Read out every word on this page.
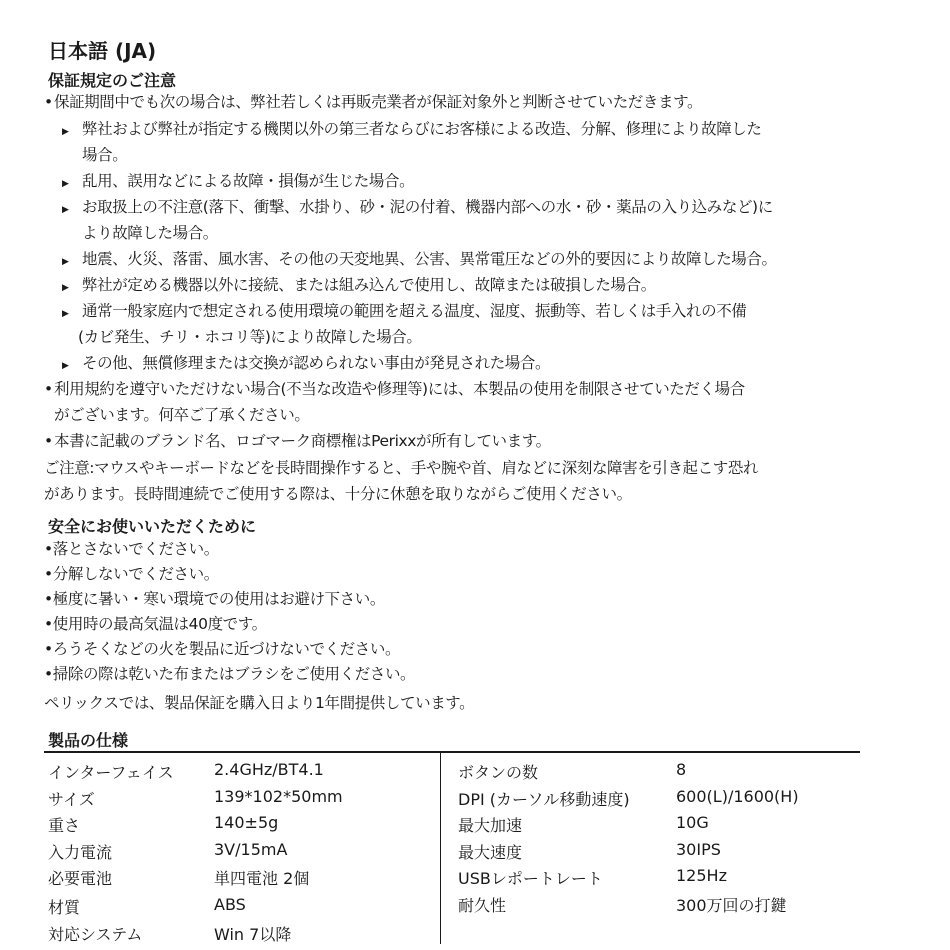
日本語 (JA)
保証規定のご注意
•保証期間中でも次の場合は、弊社若しくは再販売業者が保証対象外と判断させていただきます。
▶ 弊社および弊社が指定する機関以外の第三者ならびにお客様による改造、分解、修理により故障した
場合。
▶ 乱用、誤用などによる故障・損傷が生じた場合。
▶ お取扱上の不注意(落下、衝撃、水掛り、砂・泥の付着、機器内部への水・砂・薬品の入り込みなど)に
より故障した場合。
▶ 地震、火災、落雷、風水害、その他の天変地異、公害、異常電圧などの外的要因により故障した場合。
▶ 弊社が定める機器以外に接続、または組み込んで使用し、故障または破損した場合。
▶ 通常一般家庭内で想定される使用環境の範囲を超える温度、湿度、振動等、若しくは手入れの不備
(カビ発生、チリ・ホコリ等)により故障した場合。
▶ その他、無償修理または交換が認められない事由が発見された場合。
•利用規約を遵守いただけない場合(不当な改造や修理等)には、本製品の使用を制限させていただく場合
がございます。何卒ご了承ください。
•本書に記載のブランド名、ロゴマーク商標権はPerixxが所有しています。
ご注意:マウスやキーボードなどを長時間操作すると、手や腕や首、肩などに深刻な障害を引き起こす恐れ
があります。長時間連続でご使用する際は、十分に休憩を取りながらご使用ください。
安全にお使いいただくために
•落とさないでください。
•分解しないでください。
•極度に暑い・寒い環境での使用はお避け下さい。
•使用時の最高気温は40度です。
•ろうそくなどの火を製品に近づけないでください。
•掃除の際は乾いた布またはブラシをご使用ください。
ペリックスでは、製品保証を購入日より1年間提供しています。
製品の仕様
インターフェイス	2.4GHz/BT4.1
サイズ	139*102*50mm
重さ	140±5g
入力電流	3V/15mA
必要電池	単四電池 2個
材質	ABS
対応システム	Win 7以降
ボタンの数	8
DPI (カーソル移動速度)	600(L)/1600(H)
最大加速	10G
最大速度	30IPS
USBレポートレート	125Hz
耐久性	300万回の打鍵
